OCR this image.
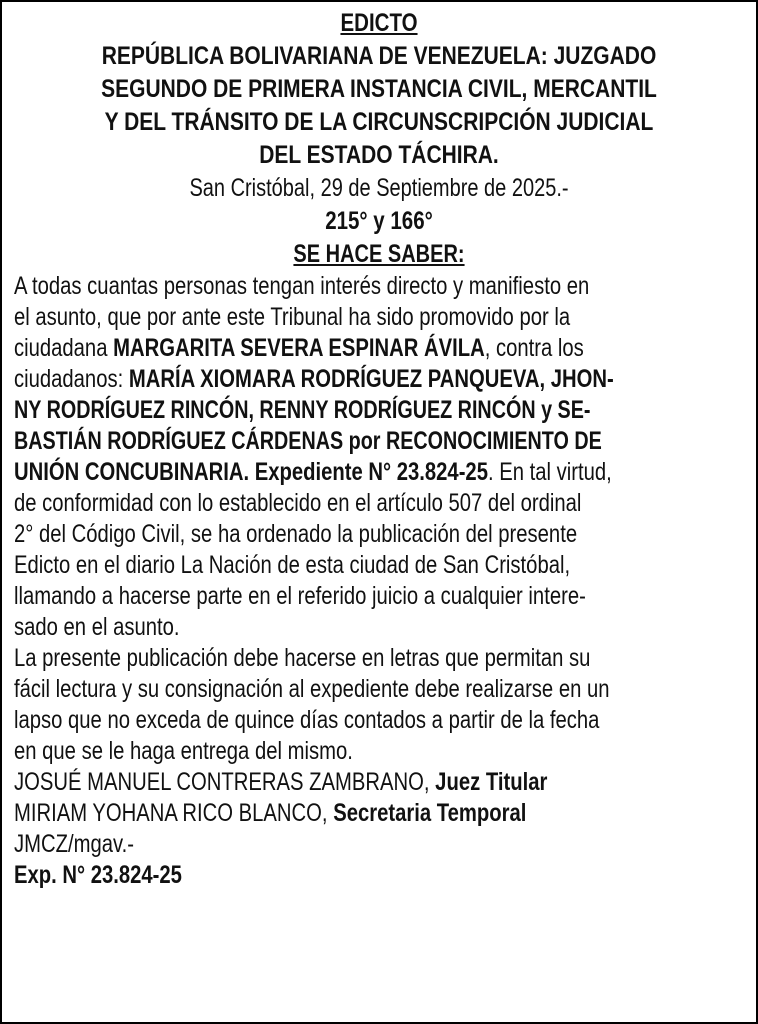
EDICTO
REPÚBLICA BOLIVARIANA DE VENEZUELA: JUZGADO
SEGUNDO DE PRIMERA INSTANCIA CIVIL, MERCANTIL
Y DEL TRÁNSITO DE LA CIRCUNSCRIPCIÓN JUDICIAL
DEL ESTADO TÁCHIRA.
San Cristóbal, 29 de Septiembre de 2025.-
215° y 166°
SE HACE SABER:
A todas cuantas personas tengan interés directo y manifiesto en
el asunto, que por ante este Tribunal ha sido promovido por la
ciudadana MARGARITA SEVERA ESPINAR ÁVILA, contra los
ciudadanos: MARÍA XIOMARA RODRÍGUEZ PANQUEVA, JHON-
NY RODRÍGUEZ RINCÓN, RENNY RODRÍGUEZ RINCÓN y SE-
BASTIÁN RODRÍGUEZ CÁRDENAS por RECONOCIMIENTO DE
UNIÓN CONCUBINARIA. Expediente N° 23.824-25. En tal virtud,
de conformidad con lo establecido en el artículo 507 del ordinal
2° del Código Civil, se ha ordenado la publicación del presente
Edicto en el diario La Nación de esta ciudad de San Cristóbal,
llamando a hacerse parte en el referido juicio a cualquier intere-
sado en el asunto.
La presente publicación debe hacerse en letras que permitan su
fácil lectura y su consignación al expediente debe realizarse en un
lapso que no exceda de quince días contados a partir de la fecha
en que se le haga entrega del mismo.
JOSUÉ MANUEL CONTRERAS ZAMBRANO, Juez Titular
MIRIAM YOHANA RICO BLANCO, Secretaria Temporal
JMCZ/mgav.-
Exp. N° 23.824-25
